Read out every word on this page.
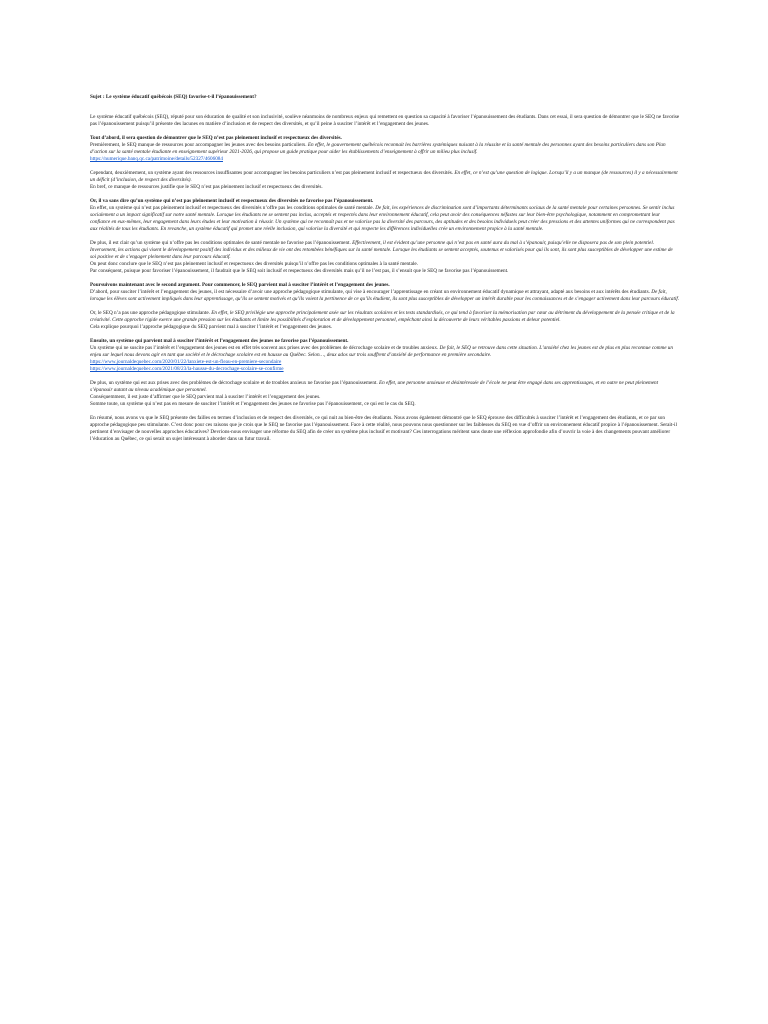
Sujet : Le système éducatif québécois (SEQ) favorise-t-il l’épanouissement?

Le système éducatif québécois (SEQ), réputé pour son éducation de qualité et son inclusivité, soulève néanmoins de nombreux enjeux qui remettent en question sa capacité à favoriser l’épanouissement des étudiants. Dans cet essai, il sera question de démontrer que le SEQ ne favorise pas l’épanouissement puisqu’il présente des lacunes en matière d’inclusion et de respect des diversités, et qu’il peine à susciter l’intérêt et l’engagement des jeunes.

Tout d’abord, il sera question de démontrer que le SEQ n’est pas pleinement inclusif et respectueux des diversités.

Premièrement, le SEQ manque de ressources pour accompagner les jeunes avec des besoins particuliers. En effet, le gouvernement québécois reconnait les barrières systémiques nuisant à la réussite et la santé mentale des personnes ayant des besoins particuliers dans son Plan d’action sur la santé mentale étudiante en enseignement supérieur 2021-2026, qui propose un guide pratique pour aider les établissements d’enseignement à offrir un milieu plus inclusif.

https://numerique.banq.qc.ca/patrimoine/details/52327/4606084

Cependant, deuxièmement, un système ayant des ressources insuffisantes pour accompagner les besoins particuliers n’est pas pleinement inclusif et respectueux des diversités. En effet, ce n’est qu’une question de logique. Lorsqu’il y a un manque (de ressources) il y a nécessairement un déficit (d’inclusion, de respect des diversités).

En bref, ce manque de ressources justifie que le SEQ n’est pas pleinement inclusif et respectueux des diversités.

Or, il va sans dire qu’un système qui n’est pas pleinement inclusif et respectueux des diversités ne favorise pas l’épanouissement.

En effet, un système qui n’est pas pleinement inclusif et respectueux des diversités n’offre pas les conditions optimales de santé mentale. De fait, les expériences de discrimination sont d’importants déterminants sociaux de la santé mentale pour certaines personnes. Se sentir inclus socialement a un impact significatif sur notre santé mentale. Lorsque les étudiants ne se sentent pas inclus, acceptés et respectés dans leur environnement éducatif, cela peut avoir des conséquences néfastes sur leur bien-être psychologique, notamment en compromettant leur confiance en eux-mêmes, leur engagement dans leurs études et leur motivation à réussir. Un système qui ne reconnaît pas et ne valorise pas la diversité des parcours, des aptitudes et des besoins individuels peut créer des pressions et des attentes uniformes qui ne correspondent pas aux réalités de tous les étudiants. En revanche, un système éducatif qui promet une réelle inclusion, qui valorise la diversité et qui respecte les différences individuelles crée un environnement propice à la santé mentale.

De plus, il est clair qu’un système qui n’offre pas les conditions optimales de santé mentale ne favorise pas l’épanouissement. Effectivement, il est évident qu’une personne qui n’est pas en santé aura du mal à s’épanouir, puisqu’elle ne disposera pas de son plein potentiel. Inversement, les actions qui visent le développement positif des individus et des milieux de vie ont des retombées bénéfiques sur la santé mentale. Lorsque les étudiants se sentent acceptés, soutenus et valorisés pour qui ils sont, ils sont plus susceptibles de développer une estime de soi positive et de s’engager pleinement dans leur parcours éducatif.

On peut donc conclure que le SEQ n’est pas pleinement inclusif et respectueux des diversités puisqu’il n’offre pas les conditions optimales à la santé mentale.

Par conséquent, puisque pour favoriser l’épanouissement, il faudrait que le SEQ soit inclusif et respectueux des diversités mais qu’il ne l’est pas, il s’ensuit que le SEQ ne favorise pas l’épanouissement.

Poursuivons maintenant avec le second argument. Pour commencer, le SEQ parvient mal à susciter l’intérêt et l’engagement des jeunes.

D’abord, pour susciter l’intérêt et l’engagement des jeunes, il est nécessaire d’avoir une approche pédagogique stimulante, qui vise à encourager l’apprentissage en créant un environnement éducatif dynamique et attrayant, adapté aux besoins et aux intérêts des étudiants. De fait, lorsque les élèves sont activement impliqués dans leur apprentissage, qu’ils se sentent motivés et qu’ils voient la pertinence de ce qu’ils étudient, ils sont plus susceptibles de développer un intérêt durable pour les connaissances et de s’engager activement dans leur parcours éducatif.

Or, le SEQ n’a pas une approche pédagogique stimulante. En effet, le SEQ privilégie une approche principalement axée sur les résultats scolaires et les tests standardisés, ce qui tend à favoriser la mémorisation par cœur au détriment du développement de la pensée critique et de la créativité. Cette approche rigide exerce une grande pression sur les étudiants et limite les possibilités d’exploration et de développement personnel, empêchant ainsi la découverte de leurs véritables passions et deleur potentiel.

Cela explique pourquoi l’approche pédagogique du SEQ parvient mal à susciter l’intérêt et l’engagement des jeunes.

Ensuite, un système qui parvient mal à susciter l’intérêt et l’engagement des jeunes ne favorise pas l’épanouissement.

Un système qui ne suscite pas l’intérêt et l’engagement des jeunes est en effet très souvent aux prises avec des problèmes de décrochage scolaire et de troubles anxieux. De fait, le SEQ se retrouve dans cette situation. L’anxiété chez les jeunes est de plus en plus reconnue comme un enjeu sur lequel nous devons agir en tant que société et le décrochage scolaire est en hausse au Québec. Selon…, deux ados sur trois souffrent d’anxiété de performance en première secondaire.

https://www.journaldequebec.com/2020/01/22/lanxiete-est-un-fleau-en-premiere-secondaire
https://www.journaldequebec.com/2021/08/23/la-hausse-du-decrochage-scolaire-se-confirme

De plus, un système qui est aux prises avec des problèmes de décrochage scolaire et de troubles anxieux ne favorise pas l’épanouissement. En effet, une personne anxieuse et désintéressée de l’école ne peut être engagé dans ses apprentissages, et en outre ne peut pleinement s’épanouir autant au niveau académique que personnel.

Conséquemment, il est juste d’affirmer que le SEQ parvient mal à susciter l’intérêt et l’engagement des jeunes.

Somme toute, un système qui n’est pas en mesure de susciter l’intérêt et l’engagement des jeunes ne favorise pas l’épanouissement, ce qui est le cas du SEQ.

En résumé, nous avons vu que le SEQ présente des failles en termes d’inclusion et de respect des diversités, ce qui nuit au bien-être des étudiants. Nous avons également démontré que le SEQ éprouve des difficultés à susciter l’intérêt et l’engagement des étudiants, et ce par son approche pédagogique peu stimulante. C’est donc pour ces raisons que je crois que le SEQ ne favorise pas l’épanouissement. Face à cette réalité, nous pouvons nous questionner sur les faiblesses du SEQ en vue d’offrir un environnement éducatif propice à l’épanouissement. Serait-il pertinent d’envisager de nouvelles approches éducatives? Devrions-nous envisager une réforme du SEQ afin de créer un système plus inclusif et motivant? Ces interrogations méritent sans doute une réflexion approfondie afin d’ouvrir la voie à des changements pouvant améliorer l’éducation au Québec, ce qui serait un sujet intéressant à aborder dans un futur travail.
